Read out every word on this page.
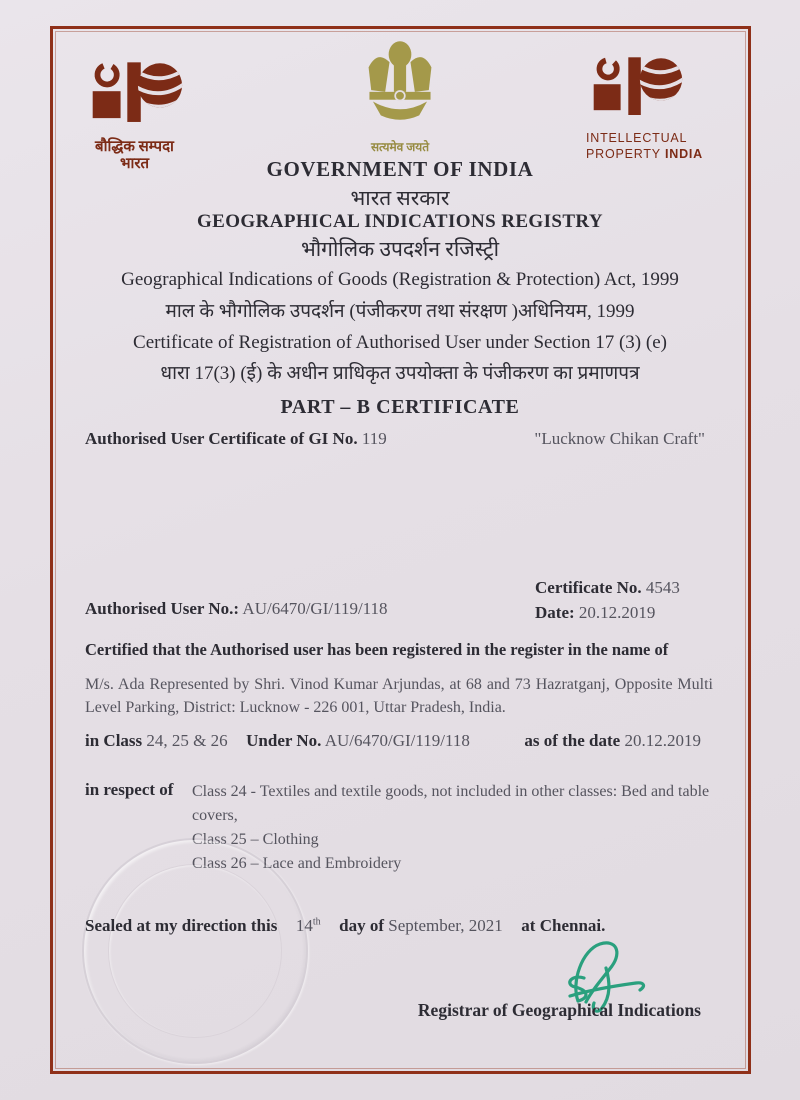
बौद्धिक सम्पदा
भारत
सत्यमेव जयते
INTELLECTUAL
PROPERTY INDIA
GOVERNMENT OF INDIA
भारत सरकार
GEOGRAPHICAL INDICATIONS REGISTRY
भौगोलिक उपदर्शन रजिस्ट्री
Geographical Indications of Goods (Registration & Protection) Act, 1999
माल के भौगोलिक उपदर्शन (पंजीकरण तथा संरक्षण )अधिनियम, 1999
Certificate of Registration of Authorised User under Section 17 (3) (e)
धारा 17(3) (ई) के अधीन प्राधिकृत उपयोक्ता के पंजीकरण का प्रमाणपत्र
PART – B CERTIFICATE
Authorised User Certificate of GI No. 119	"Lucknow Chikan Craft"
Certificate No. 4543
Date: 20.12.2019
Authorised User No.: AU/6470/GI/119/118
Certified that the Authorised user has been registered in the register in the name of
M/s. Ada Represented by Shri. Vinod Kumar Arjundas, at 68 and 73 Hazratganj, Opposite Multi Level Parking, District: Lucknow - 226 001, Uttar Pradesh, India.
in Class 24, 25 & 26 Under No. AU/6470/GI/119/118	as of the date 20.12.2019
in respect of	Class 24 - Textiles and textile goods, not included in other classes: Bed and table covers,
Class 25 – Clothing
Class 26 – Lace and Embroidery
Sealed at my direction this 14th day of September, 2021 at Chennai.
Registrar of Geographical Indications
